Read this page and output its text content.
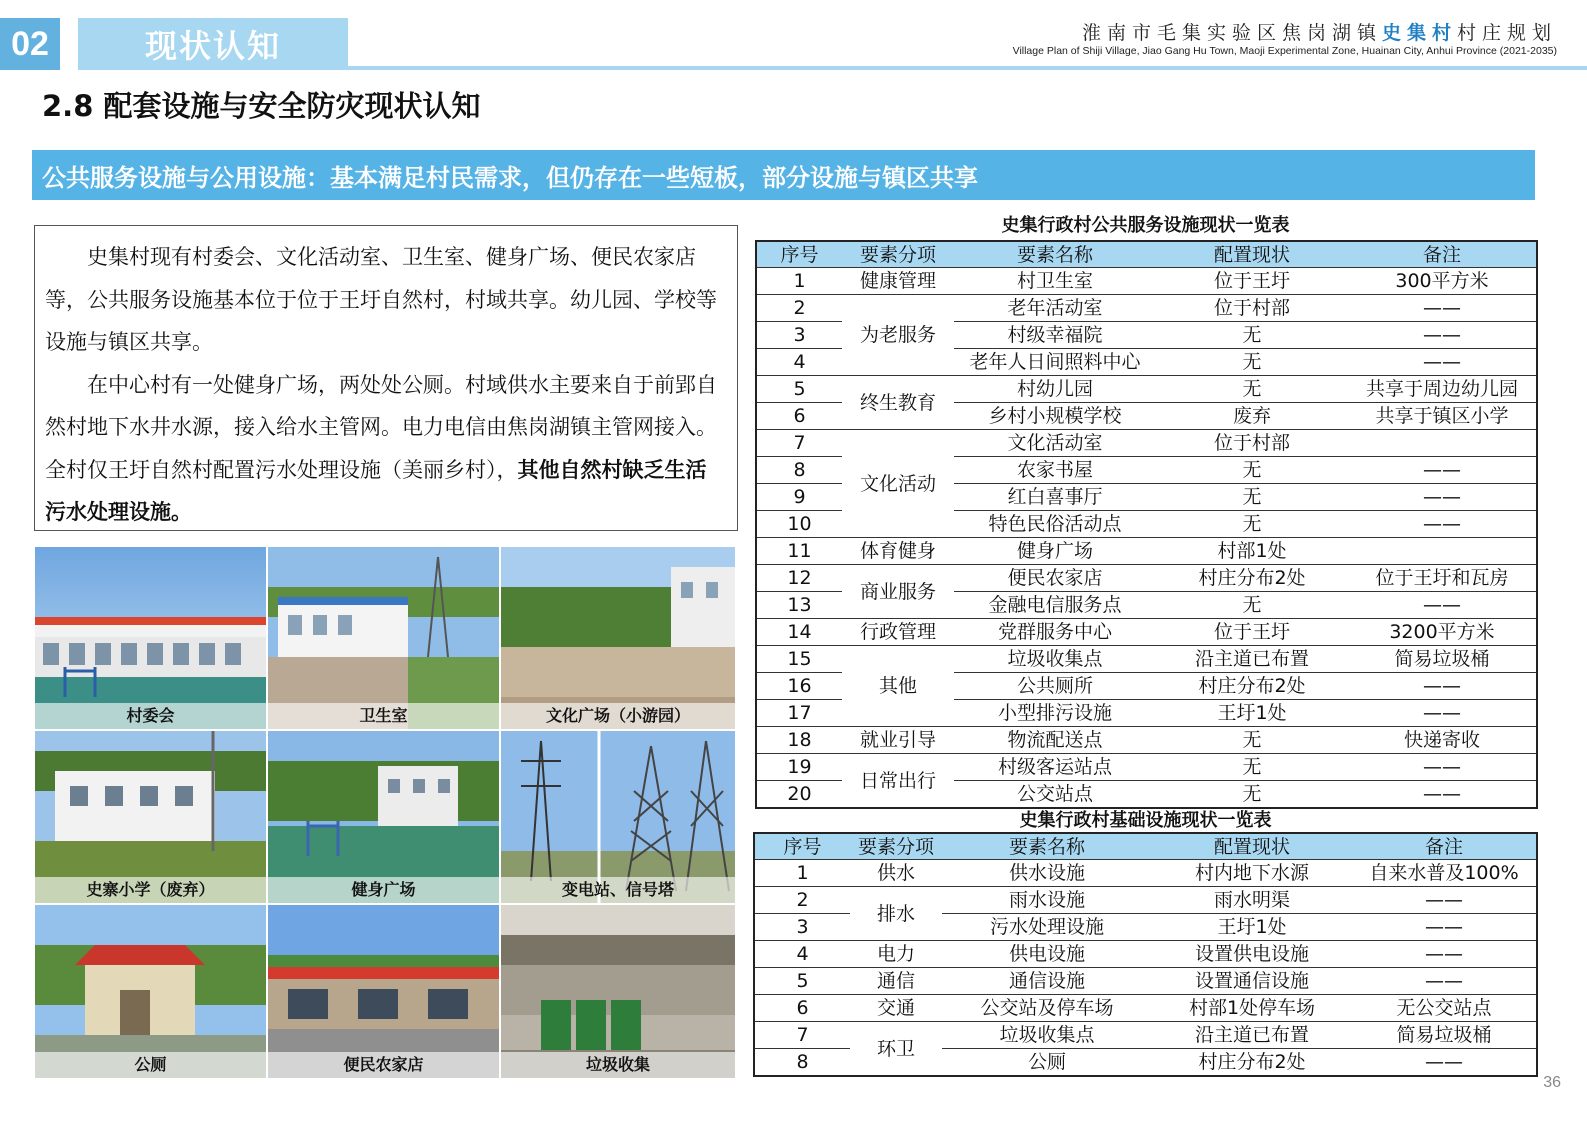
02	现状认知	淮南市毛集实验区焦岗湖镇史集村村庄规划
Village Plan of Shiji Village, Jiao Gang Hu Town, Maoji Experimental Zone, Huainan City, Anhui Province (2021-2035)
2.8 配套设施与安全防灾现状认知
公共服务设施与公用设施：基本满足村民需求，但仍存在一些短板，部分设施与镇区共享

史集村现有村委会、文化活动室、卫生室、健身广场、便民农家店等，公共服务设施基本位于位于王圩自然村，村域共享。幼儿园、学校等设施与镇区共享。

在中心村有一处健身广场，两处处公厕。村域供水主要来自于前郢自然村地下水井水源，接入给水主管网。电力电信由焦岗湖镇主管网接入。全村仅王圩自然村配置污水处理设施（美丽乡村），其他自然村缺乏生活污水处理设施。

村委会	卫生室	文化广场（小游园）
史寨小学（废弃）	健身广场	变电站、信号塔
公厕	便民农家店	垃圾收集
史集行政村公共服务设施现状一览表
序号	要素分项	要素名称	配置现状	备注
1	健康管理	村卫生室	位于王圩	300平方米
2	为老服务	老年活动室	位于村部	——
3		村级幸福院	无	——
4		老年人日间照料中心	无	——
5	终生教育	村幼儿园	无	共享于周边幼儿园
6		乡村小规模学校	废弃	共享于镇区小学
7	文化活动	文化活动室	位于村部	
8		农家书屋	无	——
9		红白喜事厅	无	——
10		特色民俗活动点	无	——
11	体育健身	健身广场	村部1处	
12	商业服务	便民农家店	村庄分布2处	位于王圩和瓦房
13		金融电信服务点	无	——
14	行政管理	党群服务中心	位于王圩	3200平方米
15	其他	垃圾收集点	沿主道已布置	简易垃圾桶
16		公共厕所	村庄分布2处	——
17		小型排污设施	王圩1处	——
18	就业引导	物流配送点	无	快递寄收
19	日常出行	村级客运站点	无	——
20		公交站点	无	——
史集行政村基础设施现状一览表
序号	要素分项	要素名称	配置现状	备注
1	供水	供水设施	村内地下水源	自来水普及100%
2	排水	雨水设施	雨水明渠	——
3		污水处理设施	王圩1处	——
4	电力	供电设施	设置供电设施	——
5	通信	通信设施	设置通信设施	——
6	交通	公交站及停车场	村部1处停车场	无公交站点
7	环卫	垃圾收集点	沿主道已布置	简易垃圾桶
8		公厕	村庄分布2处	——
36
